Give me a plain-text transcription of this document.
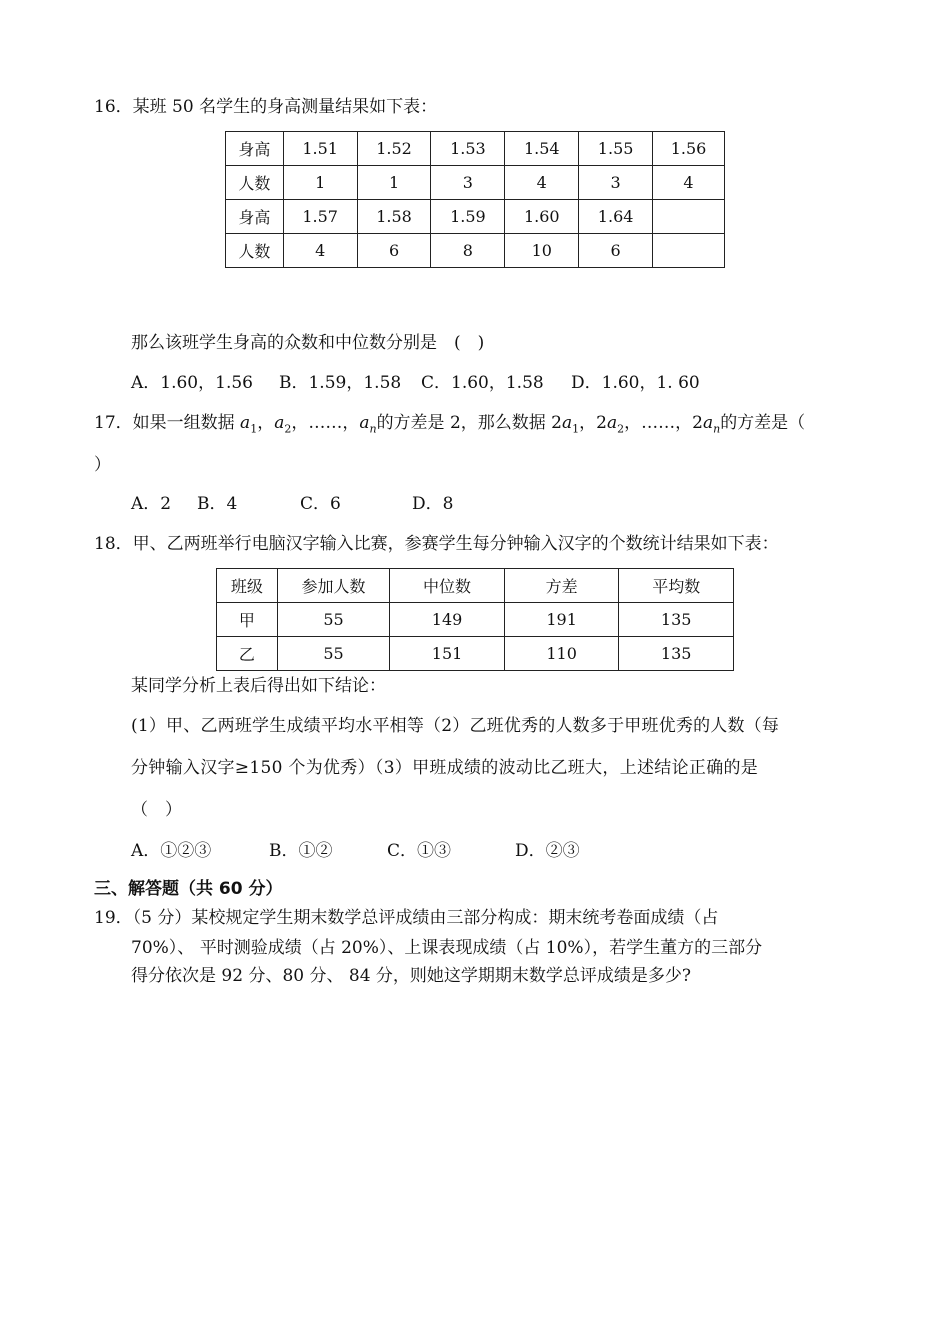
16．某班 50 名学生的身高测量结果如下表：
身高	1.51	1.52	1.53	1.54	1.55	1.56
人数	1	1	3	4	3	4
身高	1.57	1.58	1.59	1.60	1.64	
人数	4	6	8	10	6	
那么该班学生身高的众数和中位数分别是　(　)
A．1.60，1.56 B．1.59，1.58 C．1.60，1.58 D．1.60，1. 60
17．如果一组数据 $a_1$，$a_2$，……，$a_n$的方差是 2，那么数据 $2a_1$，$2a_2$，……，$2a_n$的方差是（
）
A．2 B．4	C．6	D．8
18．甲、乙两班举行电脑汉字输入比赛，参赛学生每分钟输入汉字的个数统计结果如下表：
班级	参加人数	中位数	方差	平均数
甲	55	149	191	135
乙	55	151	110	135
某同学分析上表后得出如下结论：
(1）甲、乙两班学生成绩平均水平相等（2）乙班优秀的人数多于甲班优秀的人数（每
分钟输入汉字≥150 个为优秀）（3）甲班成绩的波动比乙班大，上述结论正确的是
（　）
A．①②③	B．①②	C．①③	D．②③
三、解答题（共 60 分）
19．（5 分）某校规定学生期末数学总评成绩由三部分构成：期末统考卷面成绩（占
70%）、 平时测验成绩（占 20%）、上课表现成绩（占 10%），若学生董方的三部分
得分依次是 92 分、80 分、 84 分，则她这学期期末数学总评成绩是多少?
